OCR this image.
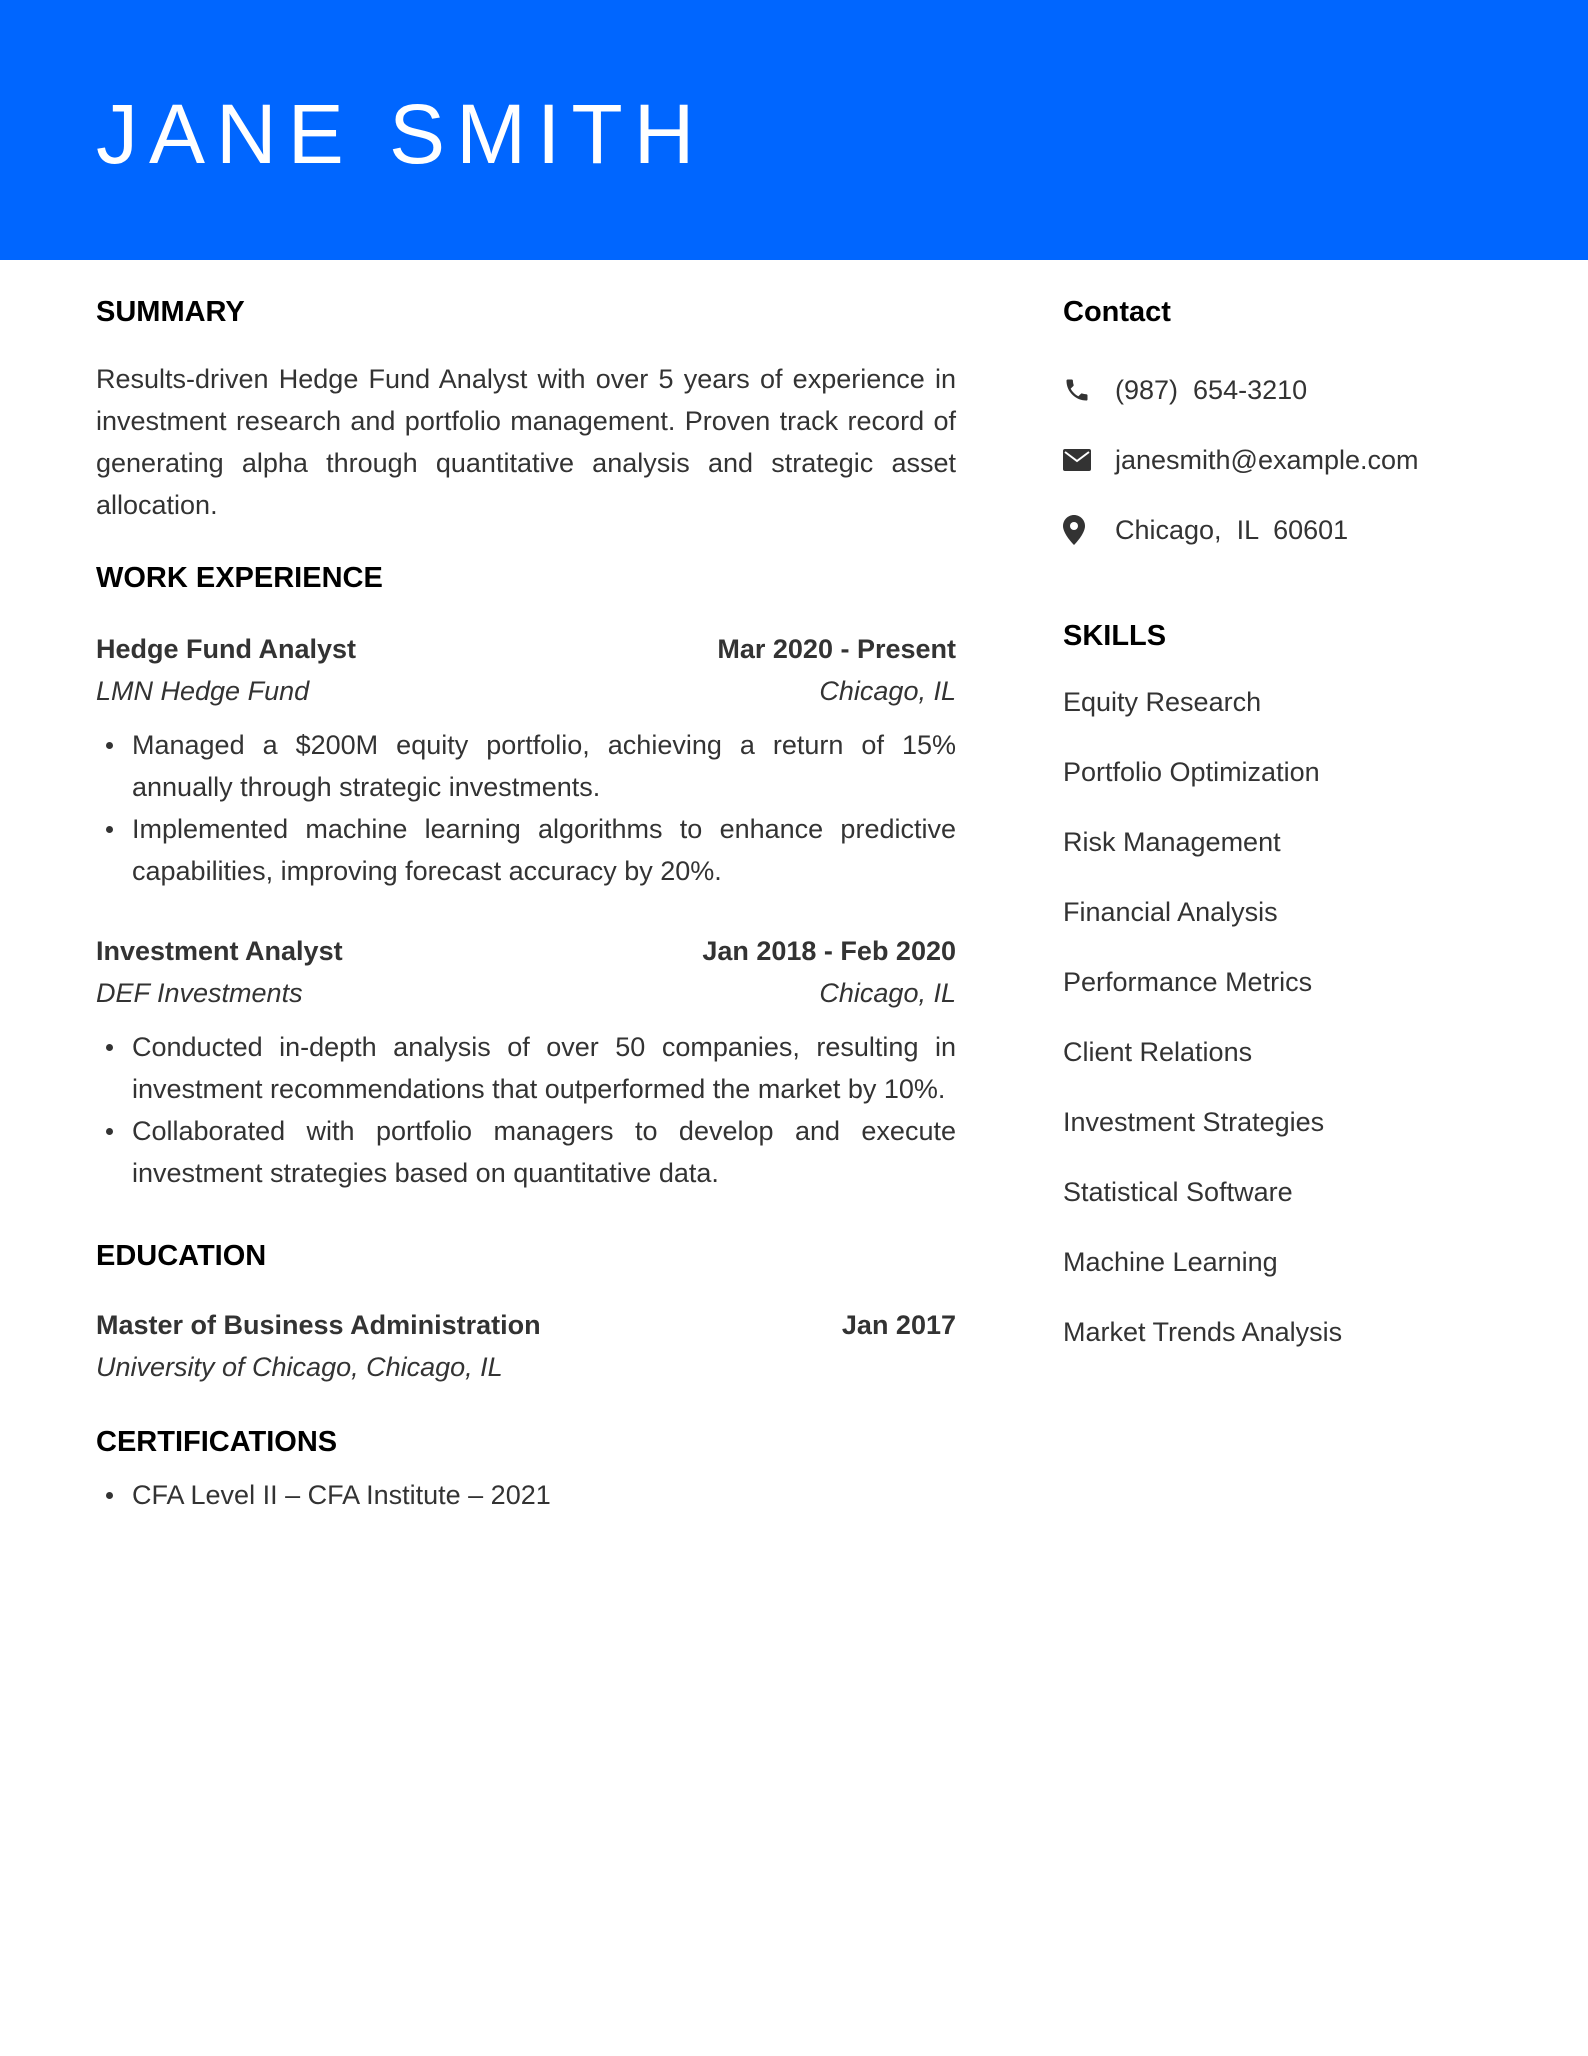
JANE SMITH
SUMMARY

Results-driven Hedge Fund Analyst with over 5 years of experience in investment research and portfolio management. Proven track record of generating alpha through quantitative analysis and strategic asset allocation.

WORK EXPERIENCE
Hedge Fund Analyst	Mar 2020 - Present
LMN Hedge Fund	Chicago, IL
Managed a $200M equity portfolio, achieving a return of 15% annually through strategic investments.
Implemented machine learning algorithms to enhance predictive capabilities, improving forecast accuracy by 20%.
Investment Analyst	Jan 2018 - Feb 2020
DEF Investments	Chicago, IL
Conducted in-depth analysis of over 50 companies, resulting in investment recommendations that outperformed the market by 10%.
Collaborated with portfolio managers to develop and execute investment strategies based on quantitative data.
EDUCATION
Master of Business Administration	Jan 2017
University of Chicago, Chicago, IL
CERTIFICATIONS
CFA Level II – CFA Institute – 2021
Contact
(987)  654-3210
janesmith@example.com
Chicago,  IL  60601
SKILLS
Equity Research
Portfolio Optimization
Risk Management
Financial Analysis
Performance Metrics
Client Relations
Investment Strategies
Statistical Software
Machine Learning
Market Trends Analysis
